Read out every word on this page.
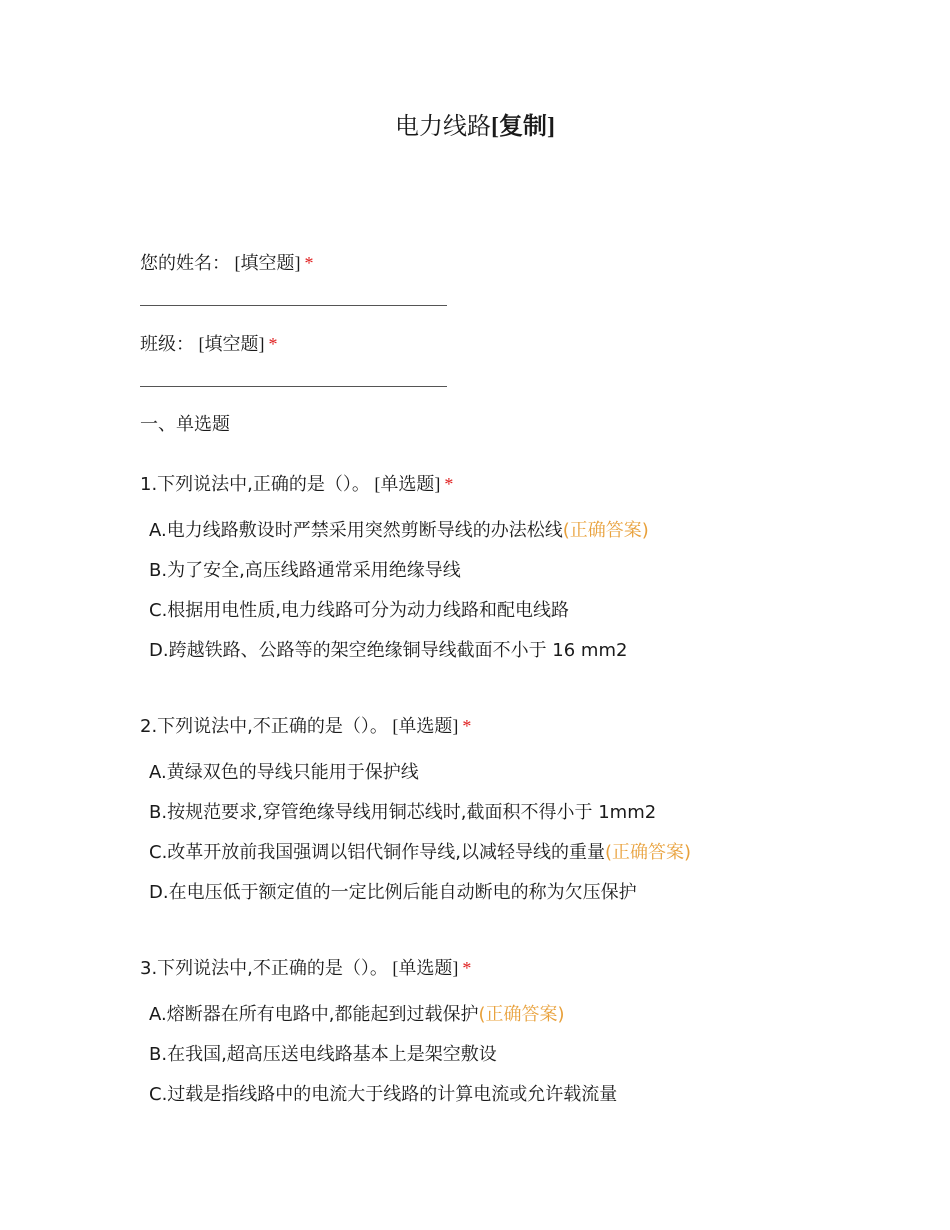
电力线路[复制]
您的姓名： [填空题] *
班级： [填空题] *
一、单选题
1.下列说法中,正确的是（）。 [单选题] *
A.电力线路敷设时严禁采用突然剪断导线的办法松线(正确答案)
B.为了安全,高压线路通常采用绝缘导线
C.根据用电性质,电力线路可分为动力线路和配电线路
D.跨越铁路、公路等的架空绝缘铜导线截面不小于 16 mm2
2.下列说法中,不正确的是（）。 [单选题] *
A.黄绿双色的导线只能用于保护线
B.按规范要求,穿管绝缘导线用铜芯线时,截面积不得小于 1mm2
C.改革开放前我国强调以铝代铜作导线,以减轻导线的重量(正确答案)
D.在电压低于额定值的一定比例后能自动断电的称为欠压保护
3.下列说法中,不正确的是（）。 [单选题] *
A.熔断器在所有电路中,都能起到过载保护(正确答案)
B.在我国,超高压送电线路基本上是架空敷设
C.过载是指线路中的电流大于线路的计算电流或允许载流量
